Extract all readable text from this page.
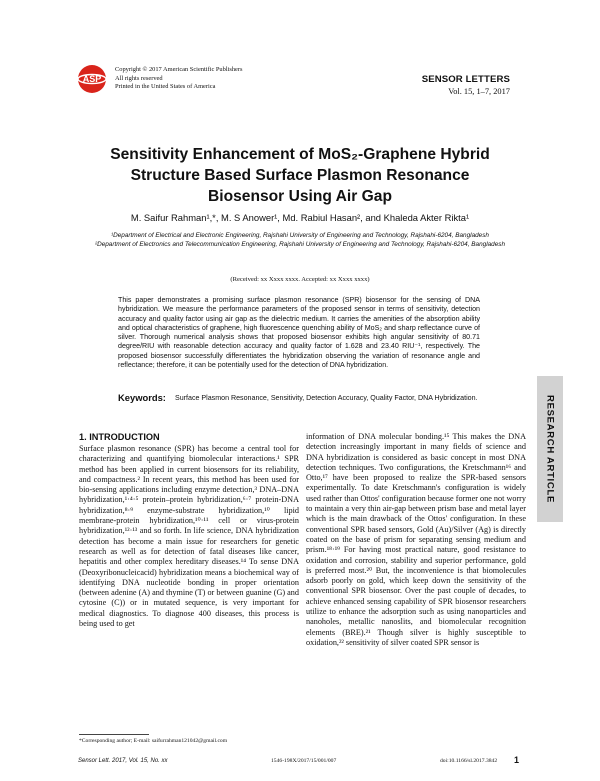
ASP
Copyright © 2017 American Scientific Publishers
All rights reserved
Printed in the United States of America
SENSOR LETTERS
Vol. 15, 1–7, 2017
Sensitivity Enhancement of MoS₂-Graphene Hybrid
Structure Based Surface Plasmon Resonance
Biosensor Using Air Gap
M. Saifur Rahman¹,*, M. S Anower¹, Md. Rabiul Hasan², and Khaleda Akter Rikta¹
¹Department of Electrical and Electronic Engineering, Rajshahi University of Engineering and Technology, Rajshahi-6204, Bangladesh
²Department of Electronics and Telecommunication Engineering, Rajshahi University of Engineering and Technology, Rajshahi-6204, Bangladesh
(Received: xx Xxxx xxxx. Accepted: xx Xxxx xxxx)
This paper demonstrates a promising surface plasmon resonance (SPR) biosensor for the sensing of DNA hybridization. We measure the performance parameters of the proposed sensor in terms of sensitivity, detection accuracy and quality factor using air gap as the dielectric medium. It carries the amenities of the absorption ability and optical characteristics of graphene, high fluorescence quenching ability of MoS₂ and sharp reflectance curve of silver. Thorough numerical analysis shows that proposed biosensor exhibits high angular sensitivity of 80.71 degree/RIU with reasonable detection accuracy and quality factor of 1.628 and 23.40 RIU⁻¹, respectively. The proposed biosensor successfully differentiates the hybridization observing the variation of resonance angle and reflectance; therefore, it can be potentially used for the detection of DNA hybridization.
Keywords: Surface Plasmon Resonance, Sensitivity, Detection Accuracy, Quality Factor, DNA Hybridization.	RESEARCH ARTICLE
1. INTRODUCTION

Surface plasmon resonance (SPR) has become a central tool for characterizing and quantifying biomolecular interactions.¹ SPR method has been applied in current biosensors for its reliability, and compactness.² In recent years, this method has been used for bio-sensing applications including enzyme detection,³ DNA–DNA hybridization,¹·⁴·⁵ protein–protein hybridization,⁶·⁷ protein-DNA hybridization,⁸·⁹ enzyme-substrate hybridization,¹⁰ lipid membrane-protein hybridization,¹⁰·¹¹ cell or virus-protein hybridization,¹²·¹³ and so forth. In life science, DNA hybridization detection has become a main issue for researchers for genetic research as well as for detection of fatal diseases like cancer, hepatitis and other complex hereditary diseases.¹⁴ To sense DNA (Deoxyribonucleicacid) hybridization means a biochemical way of identifying DNA nucleotide bonding in proper orientation (between adenine (A) and thymine (T) or between guanine (G) and cytosine (C)) or in mutated sequence, is very important for medical diagnostics. To diagnose 400 diseases, this process is being used to get

information of DNA molecular bonding.¹⁵ This makes the DNA detection increasingly important in many fields of science and DNA hybridization is considered as basic concept in most DNA detection techniques. Two configurations, the Kretschmann¹⁶ and Otto,¹⁷ have been proposed to realize the SPR-based sensors experimentally. To date Kretschmann's configuration is widely used rather than Ottos' configuration because former one not worry to maintain a very thin air-gap between prism base and metal layer which is the main drawback of the Ottos' configuration. In these conventional SPR based sensors, Gold (Au)/Silver (Ag) is directly coated on the base of prism for separating sensing medium and prism.¹⁸·¹⁹ For having most practical nature, good resistance to oxidation and corrosion, stability and superior performance, gold is preferred most.²⁰ But, the inconvenience is that biomolecules adsorb poorly on gold, which keep down the sensitivity of the conventional SPR biosensor. Over the past couple of decades, to achieve enhanced sensing capability of SPR biosensor researchers utilize to enhance the adsorption such as using nanoparticles and nanoholes, metallic nanoslits, and biomolecular recognition elements (BRE).²¹ Though silver is highly susceptible to oxidation,²² sensitivity of silver coated SPR sensor is

*Corresponding author; E-mail: saifurrahman121042@gmail.com
Sensor Lett. 2017, Vol. 15, No. xx	1546-198X/2017/15/001/007	doi:10.1166/sl.2017.3842 1
